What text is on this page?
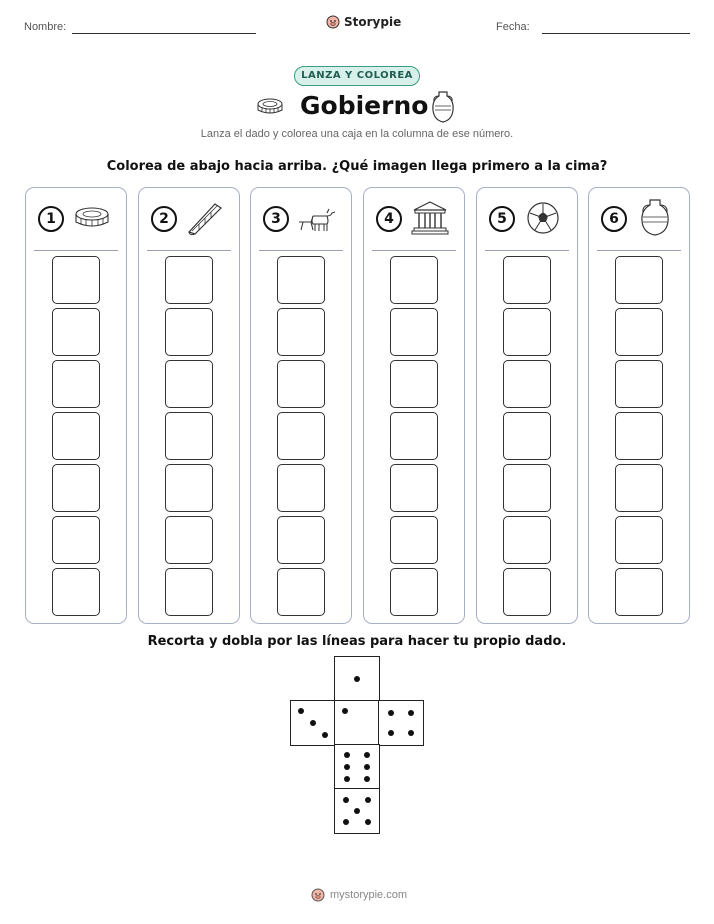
Nombre:	Storypie	Fecha:
LANZA Y COLOREA
Gobierno
Lanza el dado y colorea una caja en la columna de ese número.
Colorea de abajo hacia arriba. ¿Qué imagen llega primero a la cima?
1	2	3	4	5	6
Recorta y dobla por las líneas para hacer tu propio dado.
mystorypie.com
